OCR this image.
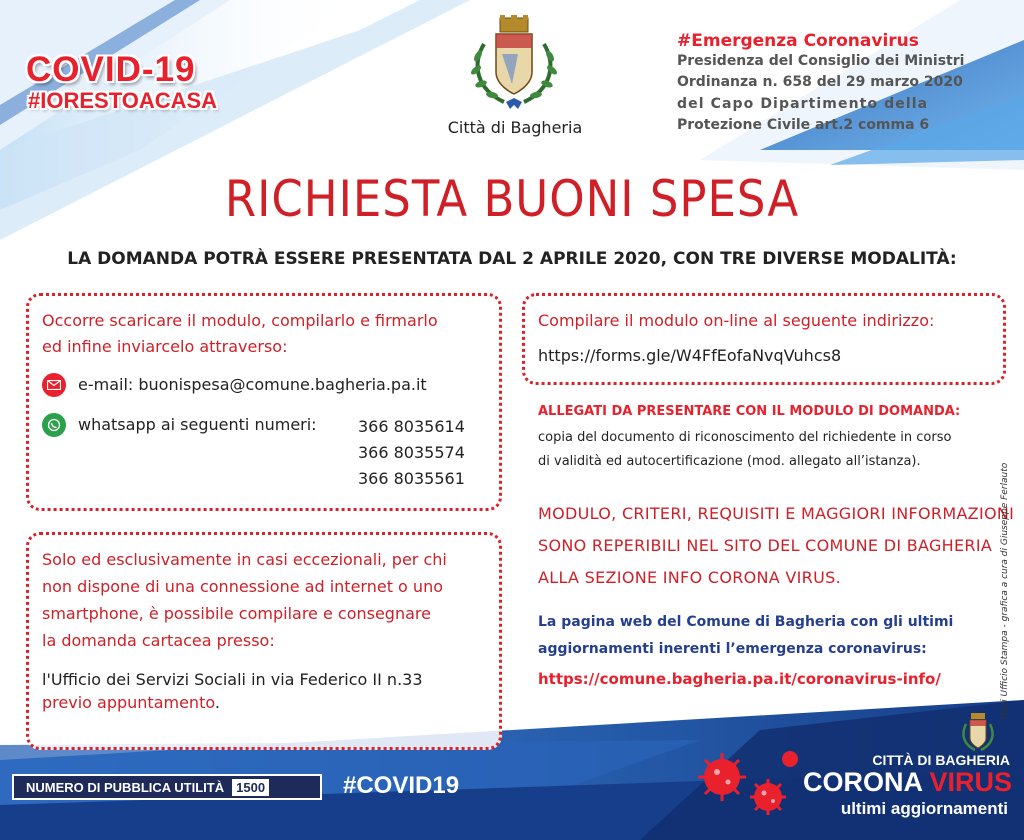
COVID-19
#IORESTOACASA
Città di Bagheria
#Emergenza Coronavirus
Presidenza del Consiglio dei Ministri
Ordinanza n. 658 del 29 marzo 2020
del Capo Dipartimento della
Protezione Civile art.2 comma 6
RICHIESTA BUONI SPESA
LA DOMANDA POTRÀ ESSERE PRESENTATA DAL 2 APRILE 2020, CON TRE DIVERSE MODALITÀ:
Occorre scaricare il modulo, compilarlo e firmarlo
ed infine inviarcelo attraverso:
e-mail: buonispesa@comune.bagheria.pa.it
whatsapp ai seguenti numeri:	366 8035614
366 8035574
366 8035561
Solo ed esclusivamente in casi eccezionali, per chi
non dispone di una connessione ad internet o uno
smartphone, è possibile compilare e consegnare
la domanda cartacea presso:
l'Ufficio dei Servizi Sociali in via Federico II n.33
previo appuntamento.
Compilare il modulo on-line al seguente indirizzo:
https://forms.gle/W4FfEofaNvqVuhcs8
ALLEGATI DA PRESENTARE CON IL MODULO DI DOMANDA:
copia del documento di riconoscimento del richiedente in corso
di validità ed autocertificazione (mod. allegato all’istanza).
MODULO, CRITERI, REQUISITI E MAGGIORI INFORMAZIONI
SONO REPERIBILI NEL SITO DEL COMUNE DI BAGHERIA
ALLA SEZIONE INFO CORONA VIRUS.
La pagina web del Comune di Bagheria con gli ultimi
aggiornamenti inerenti l’emergenza coronavirus:
https://comune.bagheria.pa.it/coronavirus-info/	Testi Ufficio Stampa - grafica a cura di Giuseppe Ferlauto
NUMERO DI PUBBLICA UTILITÀ 1500	#COVID19
CITTÀ DI BAGHERIA
CORONA VIRUS
ultimi aggiornamenti
